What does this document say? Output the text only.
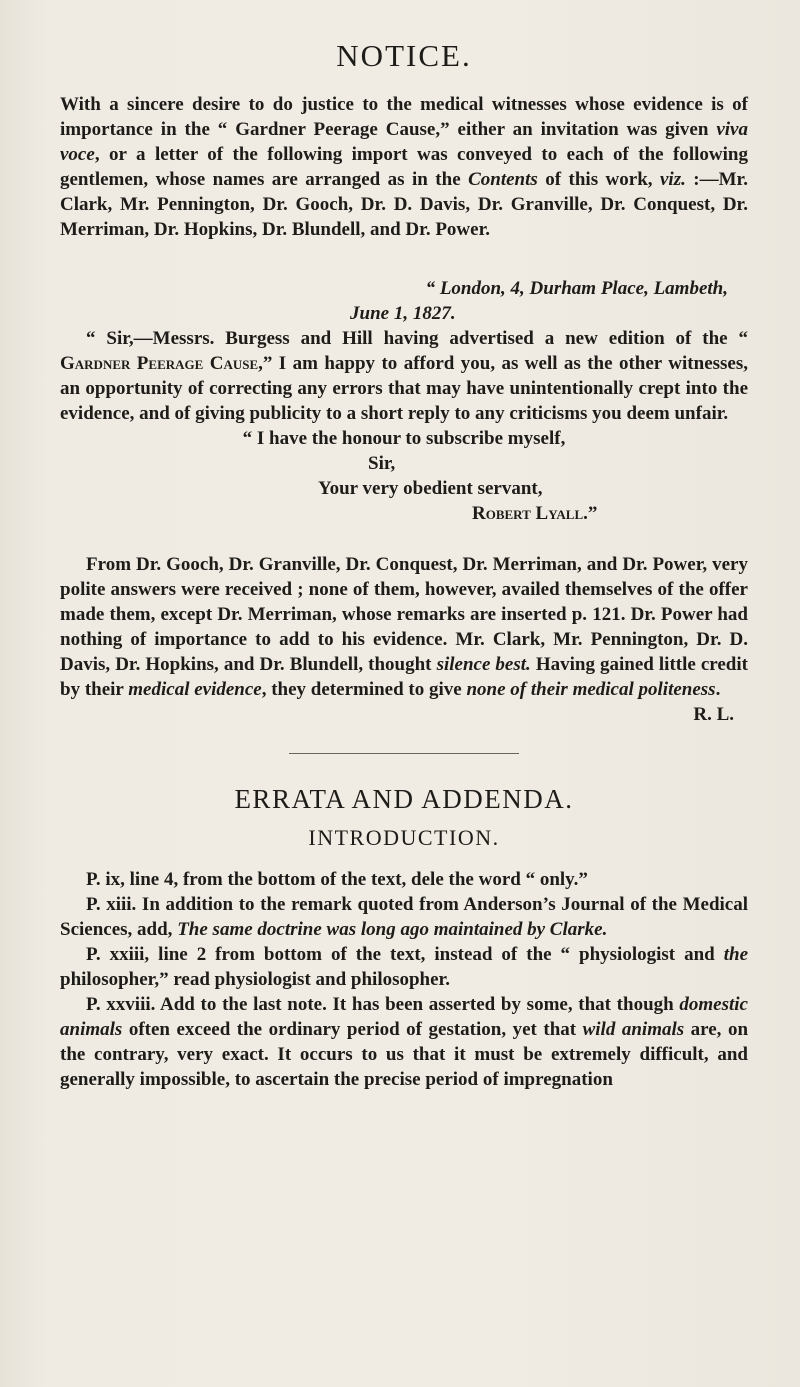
NOTICE.

With a sincere desire to do justice to the medical witnesses whose evidence is of importance in the “ Gardner Peerage Cause,” either an invitation was given viva voce, or a letter of the following import was conveyed to each of the following gentlemen, whose names are arranged as in the Contents of this work, viz. :—Mr. Clark, Mr. Pennington, Dr. Gooch, Dr. D. Davis, Dr. Granville, Dr. Conquest, Dr. Merriman, Dr. Hopkins, Dr. Blundell, and Dr. Power.

“ London, 4, Durham Place, Lambeth,

June 1, 1827.

“ Sir,—Messrs. Burgess and Hill having advertised a new edition of the “ Gardner Peerage Cause,” I am happy to afford you, as well as the other witnesses, an opportunity of correcting any errors that may have unintentionally crept into the evidence, and of giving publicity to a short reply to any criticisms you deem unfair.

“ I have the honour to subscribe myself,

Sir,

Your very obedient servant,

Robert Lyall.”

From Dr. Gooch, Dr. Granville, Dr. Conquest, Dr. Merriman, and Dr. Power, very polite answers were received ; none of them, however, availed themselves of the offer made them, except Dr. Merriman, whose remarks are inserted p. 121. Dr. Power had nothing of importance to add to his evidence. Mr. Clark, Mr. Pennington, Dr. D. Davis, Dr. Hopkins, and Dr. Blundell, thought silence best. Having gained little credit by their medical evidence, they determined to give none of their medical politeness.

R. L.

ERRATA AND ADDENDA.
INTRODUCTION.

P. ix, line 4, from the bottom of the text, dele the word “ only.”

P. xiii. In addition to the remark quoted from Anderson’s Journal of the Medical Sciences, add, The same doctrine was long ago maintained by Clarke.

P. xxiii, line 2 from bottom of the text, instead of the “ physiologist and the philosopher,” read physiologist and philosopher.

P. xxviii. Add to the last note. It has been asserted by some, that though domestic animals often exceed the ordinary period of gestation, yet that wild animals are, on the contrary, very exact. It occurs to us that it must be extremely difficult, and generally impossible, to ascertain the precise period of impregnation
